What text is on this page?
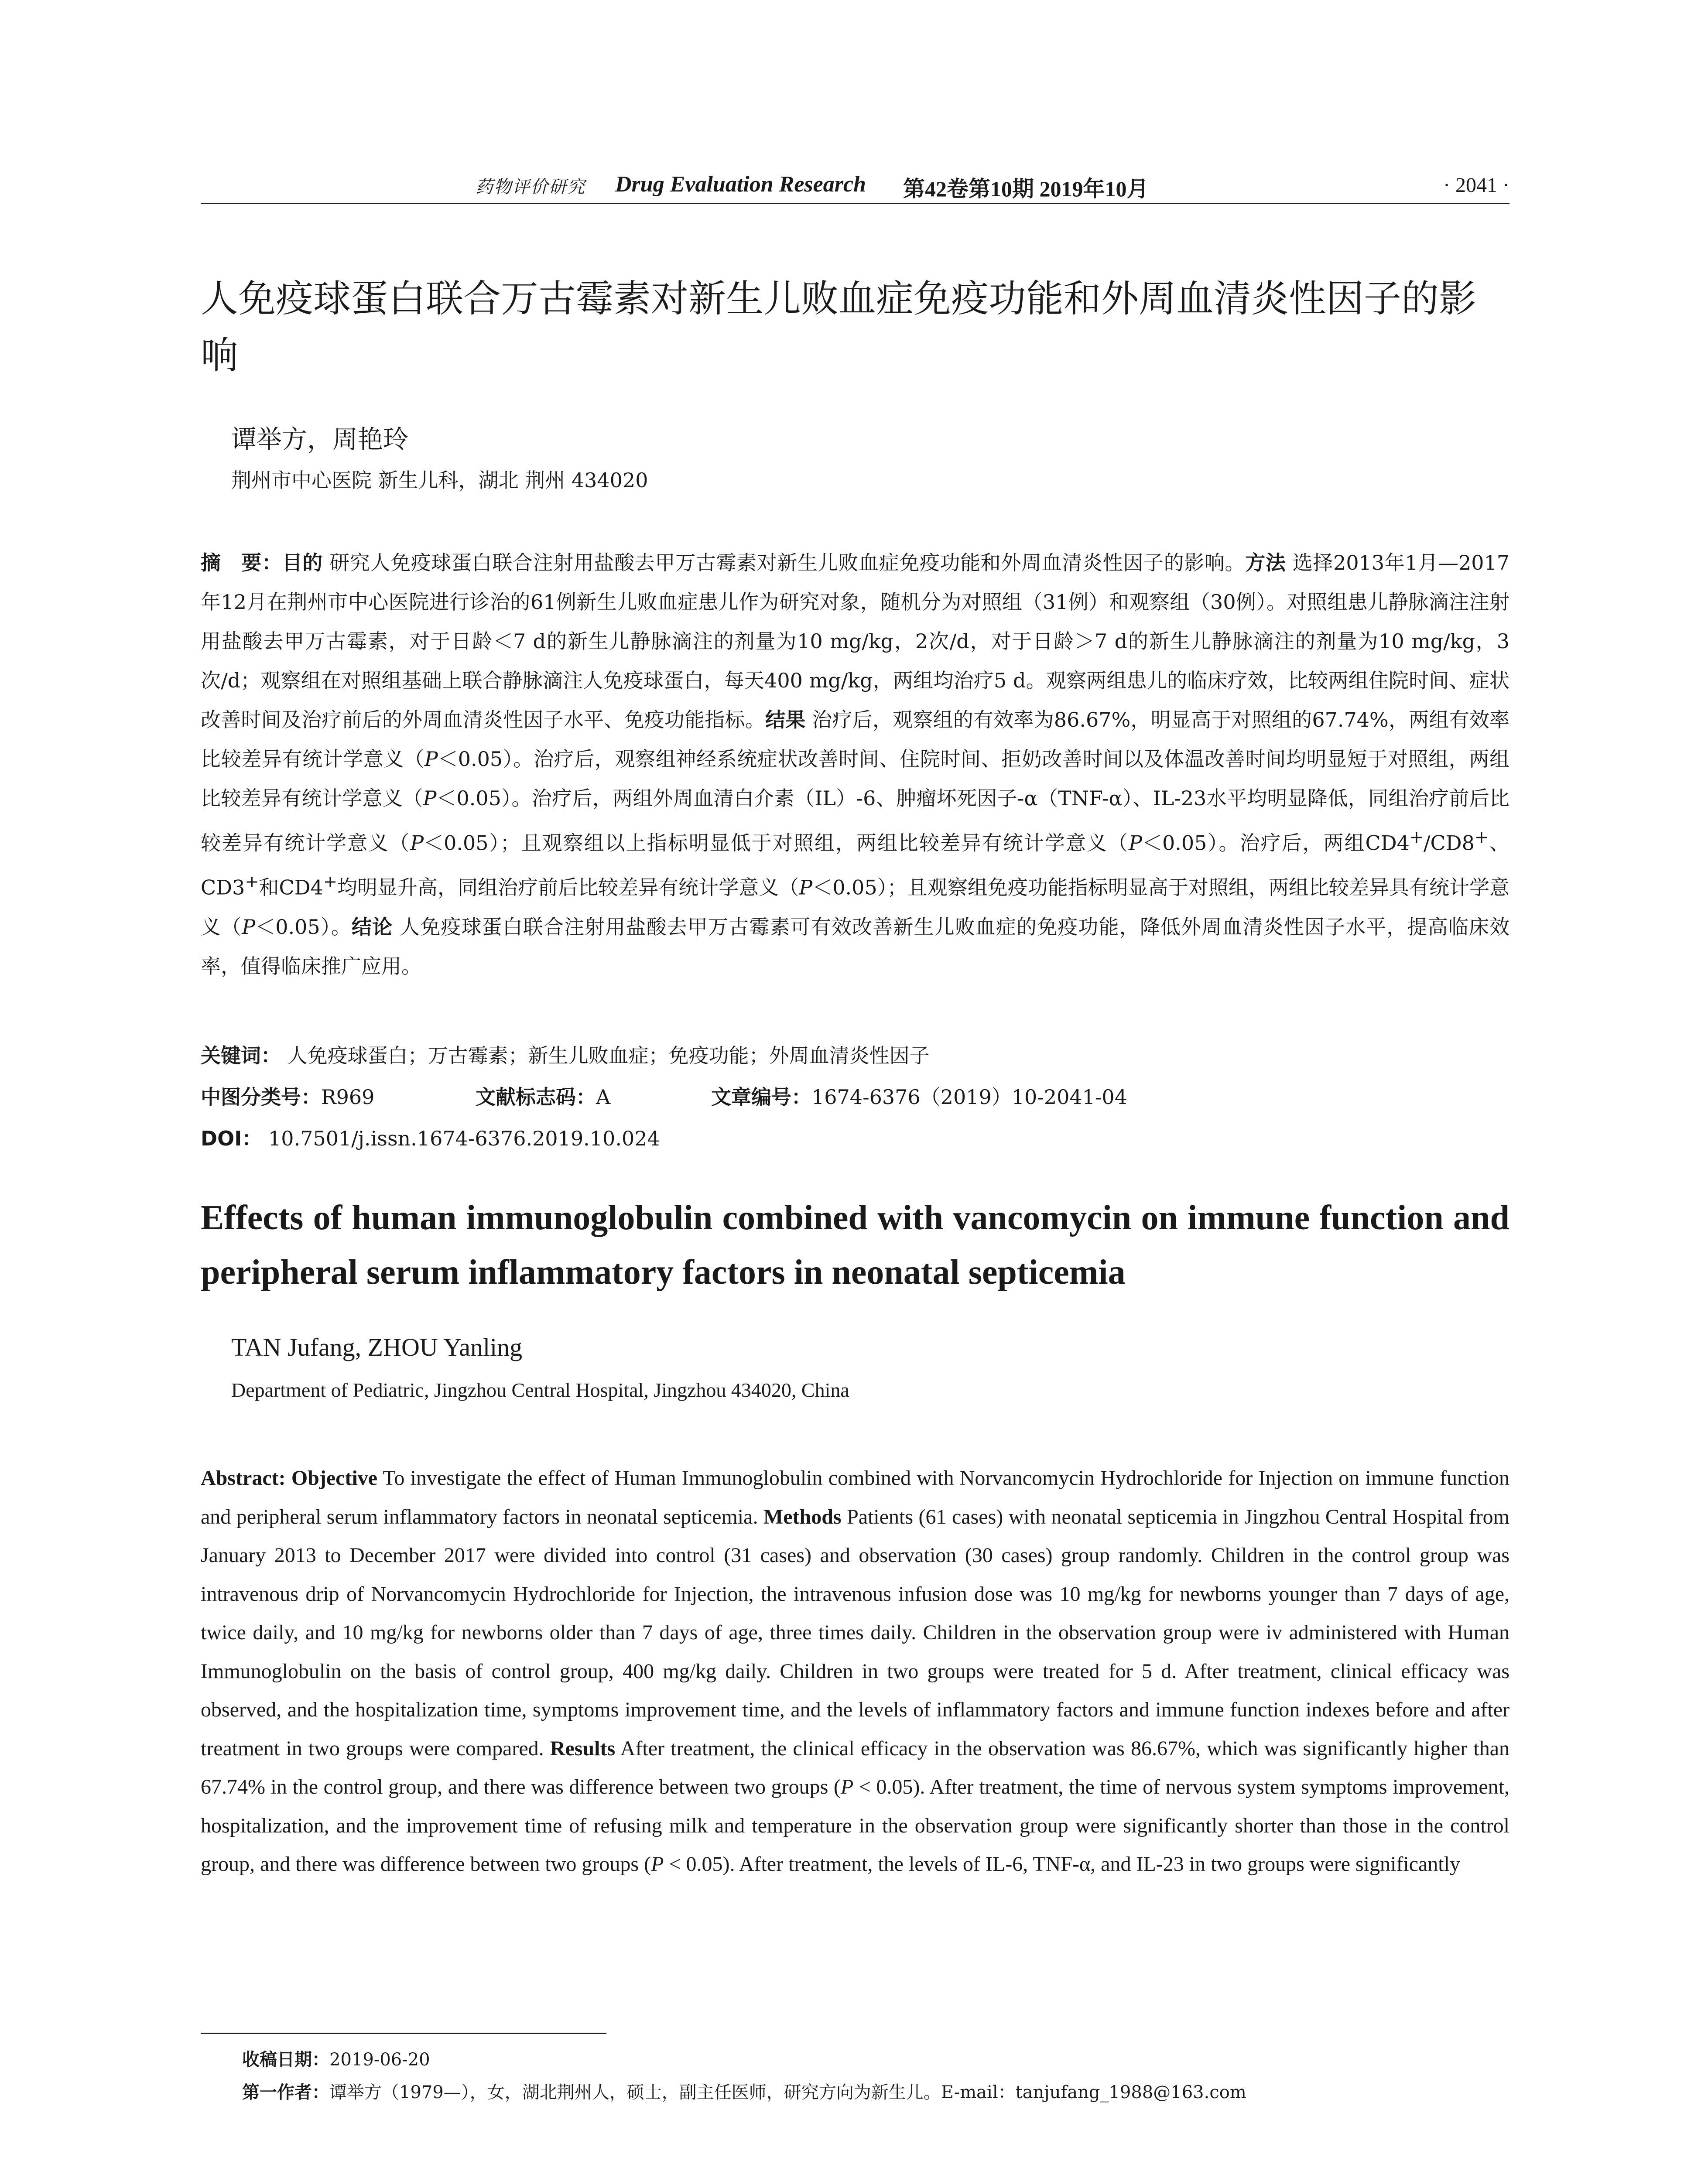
药物评价研究 Drug Evaluation Research 第42卷第10期 2019年10月	· 2041 ·
人免疫球蛋白联合万古霉素对新生儿败血症免疫功能和外周血清炎性因子的影响
谭举方，周艳玲
荆州市中心医院 新生儿科，湖北 荆州 434020

摘　要：目的 研究人免疫球蛋白联合注射用盐酸去甲万古霉素对新生儿败血症免疫功能和外周血清炎性因子的影响。方法 选择2013年1月—2017年12月在荆州市中心医院进行诊治的61例新生儿败血症患儿作为研究对象，随机分为对照组（31例）和观察组（30例）。对照组患儿静脉滴注注射用盐酸去甲万古霉素，对于日龄＜7 d的新生儿静脉滴注的剂量为10 mg/kg，2次/d，对于日龄＞7 d的新生儿静脉滴注的剂量为10 mg/kg，3次/d；观察组在对照组基础上联合静脉滴注人免疫球蛋白，每天400 mg/kg，两组均治疗5 d。观察两组患儿的临床疗效，比较两组住院时间、症状改善时间及治疗前后的外周血清炎性因子水平、免疫功能指标。结果 治疗后，观察组的有效率为86.67%，明显高于对照组的67.74%，两组有效率比较差异有统计学意义（P＜0.05）。治疗后，观察组神经系统症状改善时间、住院时间、拒奶改善时间以及体温改善时间均明显短于对照组，两组比较差异有统计学意义（P＜0.05）。治疗后，两组外周血清白介素（IL）-6、肿瘤坏死因子-α（TNF-α）、IL-23水平均明显降低，同组治疗前后比较差异有统计学意义（P＜0.05）；且观察组以上指标明显低于对照组，两组比较差异有统计学意义（P＜0.05）。治疗后，两组CD4+/CD8+、CD3+和CD4+均明显升高，同组治疗前后比较差异有统计学意义（P＜0.05）；且观察组免疫功能指标明显高于对照组，两组比较差异具有统计学意义（P＜0.05）。结论 人免疫球蛋白联合注射用盐酸去甲万古霉素可有效改善新生儿败血症的免疫功能，降低外周血清炎性因子水平，提高临床效率，值得临床推广应用。

关键词： 人免疫球蛋白；万古霉素；新生儿败血症；免疫功能；外周血清炎性因子
中图分类号：R969	文献标志码：A	文章编号：1674-6376（2019）10-2041-04
DOI： 10.7501/j.issn.1674-6376.2019.10.024
Effects of human immunoglobulin combined with vancomycin on immune function and peripheral serum inflammatory factors in neonatal septicemia
TAN Jufang, ZHOU Yanling
Department of Pediatric, Jingzhou Central Hospital, Jingzhou 434020, China

Abstract: Objective To investigate the effect of Human Immunoglobulin combined with Norvancomycin Hydrochloride for Injection on immune function and peripheral serum inflammatory factors in neonatal septicemia. Methods Patients (61 cases) with neonatal septicemia in Jingzhou Central Hospital from January 2013 to December 2017 were divided into control (31 cases) and observation (30 cases) group randomly. Children in the control group was intravenous drip of Norvancomycin Hydrochloride for Injection, the intravenous infusion dose was 10 mg/kg for newborns younger than 7 days of age, twice daily, and 10 mg/kg for newborns older than 7 days of age, three times daily. Children in the observation group were iv administered with Human Immunoglobulin on the basis of control group, 400 mg/kg daily. Children in two groups were treated for 5 d. After treatment, clinical efficacy was observed, and the hospitalization time, symptoms improvement time, and the levels of inflammatory factors and immune function indexes before and after treatment in two groups were compared. Results After treatment, the clinical efficacy in the observation was 86.67%, which was significantly higher than 67.74% in the control group, and there was difference between two groups (P < 0.05). After treatment, the time of nervous system symptoms improvement, hospitalization, and the improvement time of refusing milk and temperature in the observation group were significantly shorter than those in the control group, and there was difference between two groups (P < 0.05). After treatment, the levels of IL-6, TNF-α, and IL-23 in two groups were significantly

收稿日期：2019-06-20
第一作者：谭举方（1979—），女，湖北荆州人，硕士，副主任医师，研究方向为新生儿。E-mail：tanjufang_1988@163.com
